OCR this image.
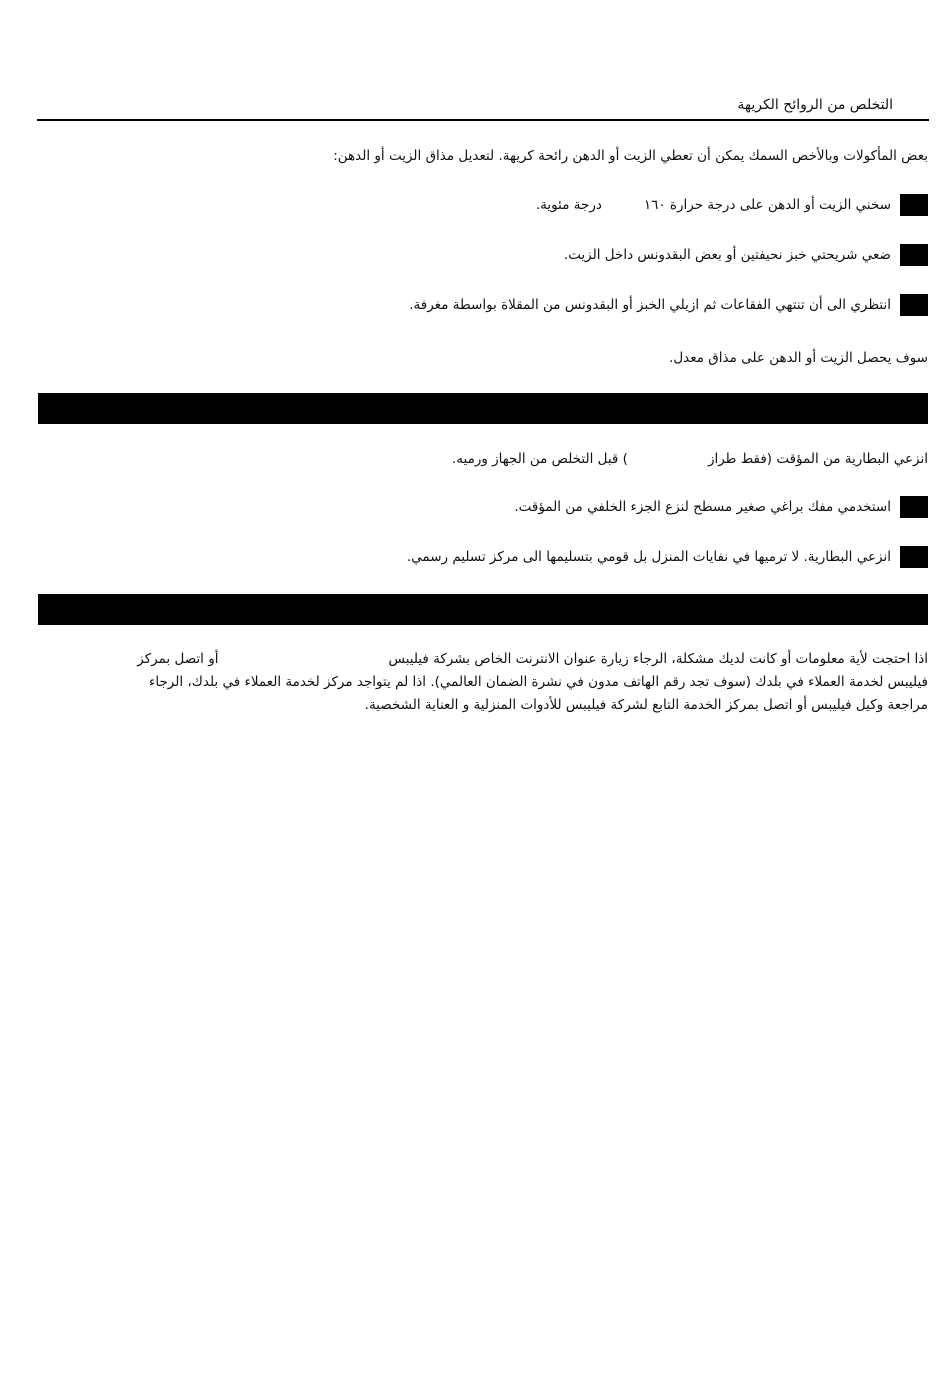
التخلص من الروائح الكريهة
بعض المأكولات وبالأخص السمك يمكن أن تعطي الزيت أو الدهن رائحة كريهة. لتعديل مذاق الزيت أو الدهن:
سخني الزيت أو الدهن على درجة حرارة ١٦٠درجة مئوية.
ضعي شريحتي خبز نحيفتين أو بعض البقدونس داخل الزيت.
انتظري الى أن تنتهي الفقاعات ثم ازيلي الخبز أو البقدونس من المقلاة بواسطة مغرفة.
سوف يحصل الزيت أو الدهن على مذاق معدل.
انزعي البطارية من المؤقت (فقط طراز) قبل التخلص من الجهاز ورميه.
استخدمي مفك براغي صغير مسطح لنزع الجزء الخلفي من المؤقت.
انزعي البطارية. لا ترميها في نفايات المنزل بل قومي بتسليمها الى مركز تسليم رسمي.
اذا احتجت لأية معلومات أو كانت لديك مشكلة، الرجاء زيارة عنوان الانترنت الخاص بشركة فيليبسأو اتصل بمركز
فيليبس لخدمة العملاء في بلدك (سوف تجد رقم الهاتف مدون في نشرة الضمان العالمي). اذا لم يتواجد مركز لخدمة العملاء في بلدك، الرجاء
مراجعة وكيل فيليبس أو اتصل بمركز الخدمة التابع لشركة فيليبس للأدوات المنزلية و العناية الشخصية.
